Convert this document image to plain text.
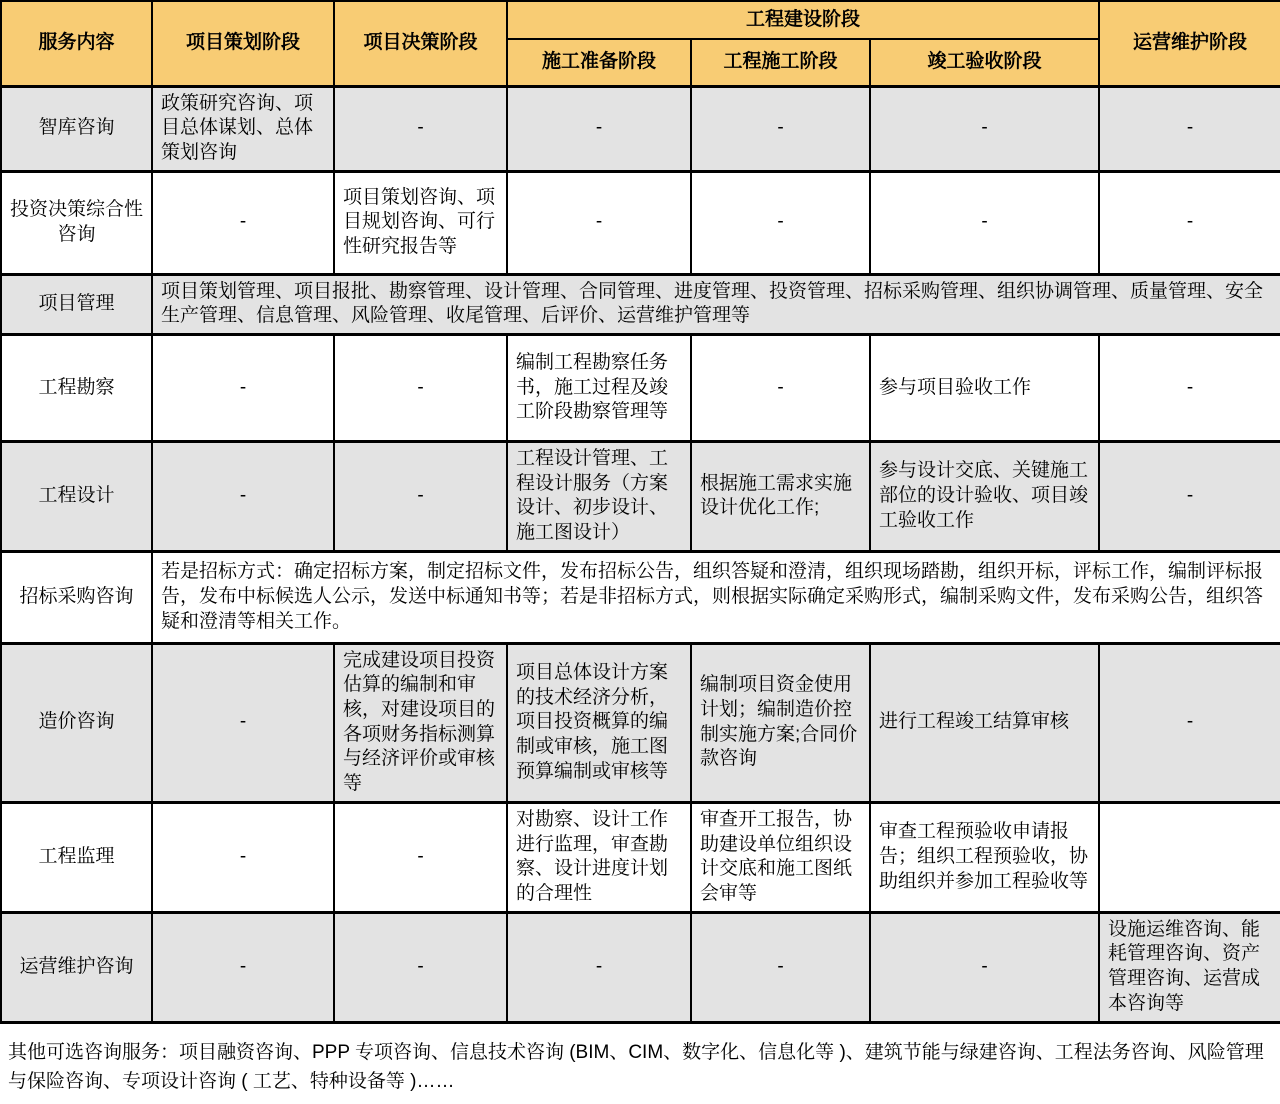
服务内容	项目策划阶段	项目决策阶段	工程建设阶段			运营维护阶段
			施工准备阶段	工程施工阶段	竣工验收阶段	
智库咨询	政策研究咨询、项目总体谋划、总体策划咨询	-	-	-	-	-
投资决策综合性咨询	-	项目策划咨询、项目规划咨询、可行性研究报告等	-	-	-	-
项目管理	项目策划管理、项目报批、勘察管理、设计管理、合同管理、进度管理、投资管理、招标采购管理、组织协调管理、质量管理、安全生产管理、信息管理、风险管理、收尾管理、后评价、运营维护管理等					
工程勘察	-	-	编制工程勘察任务书，施工过程及竣工阶段勘察管理等	-	参与项目验收工作	-
工程设计	-	-	工程设计管理、工程设计服务（方案设计、初步设计、施工图设计）	根据施工需求实施设计优化工作;	参与设计交底、关键施工部位的设计验收、项目竣工验收工作	-
招标采购咨询	若是招标方式：确定招标方案，制定招标文件，发布招标公告，组织答疑和澄清，组织现场踏勘，组织开标，评标工作，编制评标报告，发布中标候选人公示，发送中标通知书等；若是非招标方式，则根据实际确定采购形式，编制采购文件，发布采购公告，组织答疑和澄清等相关工作。					
造价咨询	-	完成建设项目投资估算的编制和审核，对建设项目的各项财务指标测算与经济评价或审核等	项目总体设计方案的技术经济分析，项目投资概算的编制或审核，施工图预算编制或审核等	编制项目资金使用计划；编制造价控制实施方案;合同价款咨询	进行工程竣工结算审核	-
工程监理	-	-	对勘察、设计工作进行监理，审查勘察、设计进度计划的合理性	审查开工报告，协助建设单位组织设计交底和施工图纸会审等	审查工程预验收申请报告；组织工程预验收，协助组织并参加工程验收等	
运营维护咨询	-	-	-	-	-	设施运维咨询、能耗管理咨询、资产管理咨询、运营成本咨询等
其他可选咨询服务：项目融资咨询、PPP 专项咨询、信息技术咨询 (BIM、CIM、数字化、信息化等 )、建筑节能与绿建咨询、工程法务咨询、风险管理与保险咨询、专项设计咨询 ( 工艺、特种设备等 )……
